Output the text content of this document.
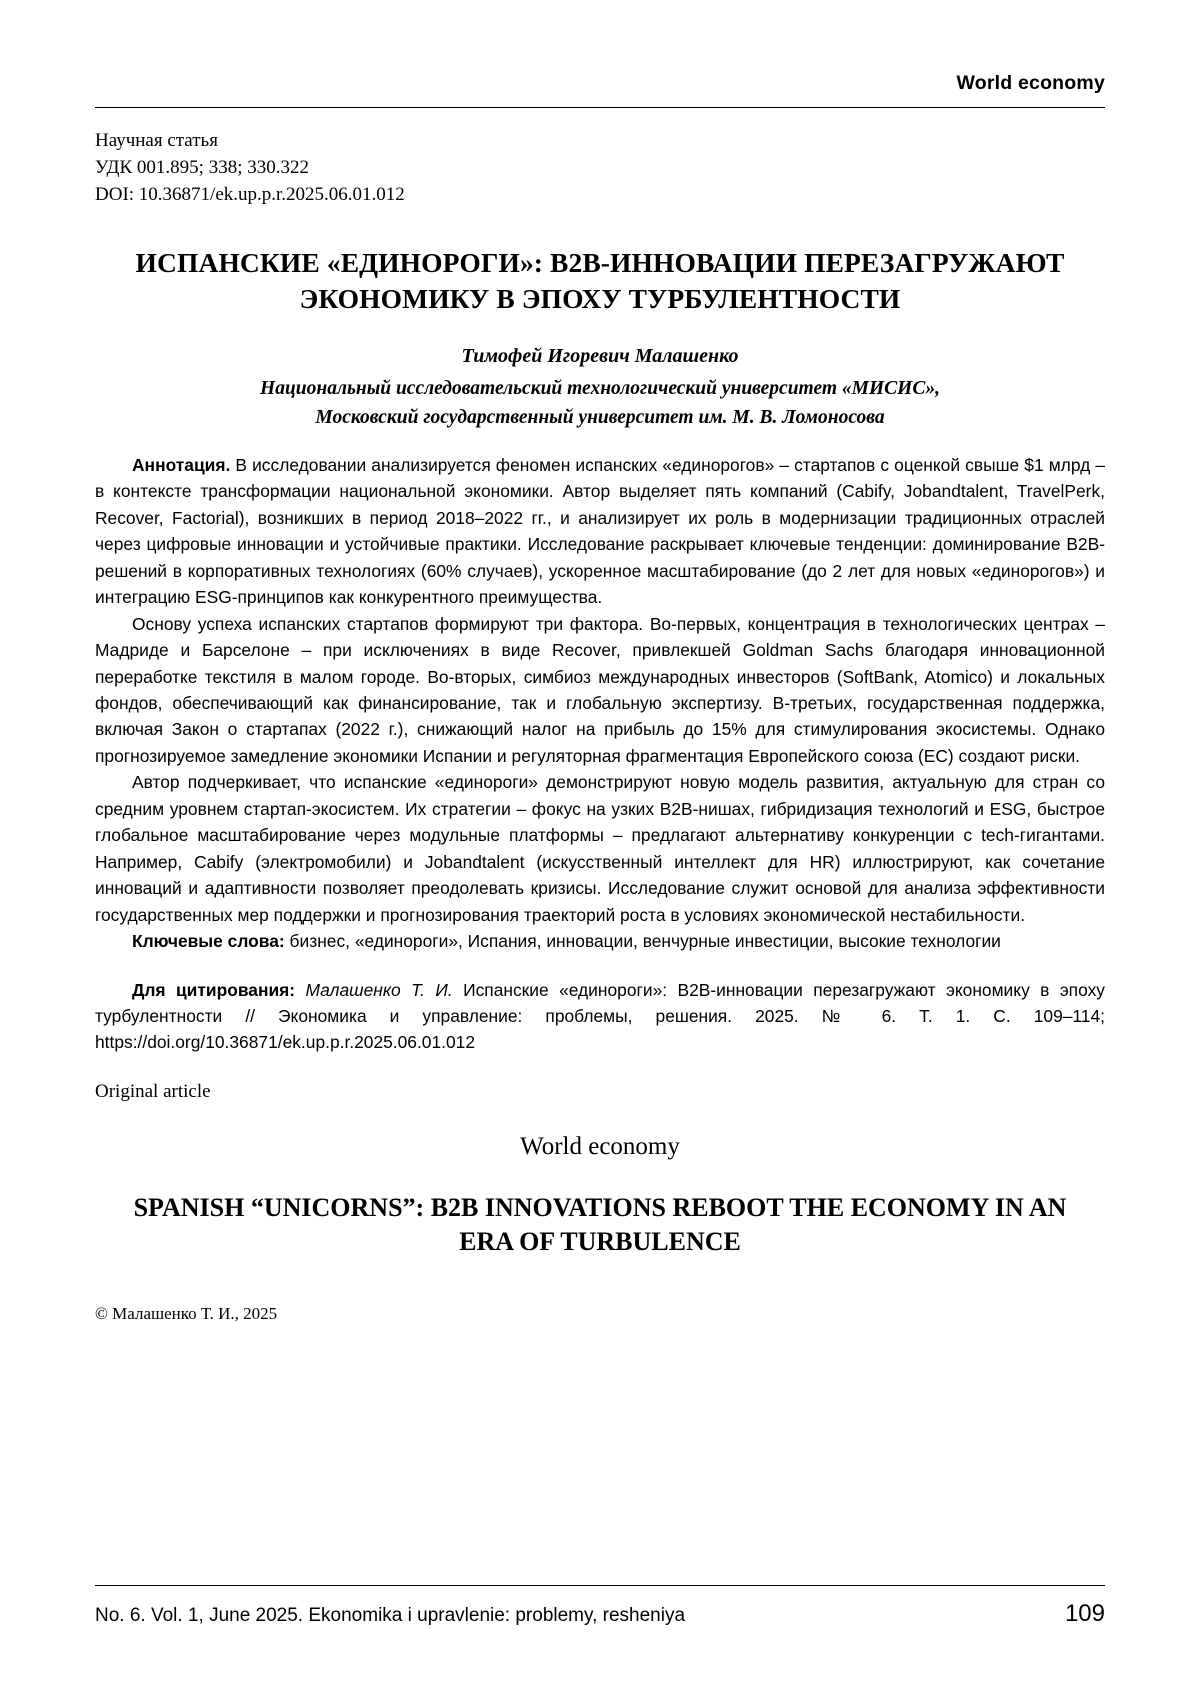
World economy
Научная статья
УДК 001.895; 338; 330.322
DOI: 10.36871/ek.up.p.r.2025.06.01.012
ИСПАНСКИЕ «ЕДИНОРОГИ»: B2B-ИННОВАЦИИ ПЕРЕЗАГРУЖАЮТ ЭКОНОМИКУ В ЭПОХУ ТУРБУЛЕНТНОСТИ
Тимофей Игоревич Малашенко
Национальный исследовательский технологический университет «МИСИС»,
Московский государственный университет им. М. В. Ломоносова

Аннотация. В исследовании анализируется феномен испанских «единорогов» – стартапов с оценкой свыше $1 млрд – в контексте трансформации национальной экономики. Автор выделяет пять компаний (Cabify, Jobandtalent, TravelPerk, Recover, Factorial), возникших в период 2018–2022 гг., и анализирует их роль в модернизации традиционных отраслей через цифровые инновации и устойчивые практики. Исследование раскрывает ключевые тенденции: доминирование B2B-решений в корпоративных технологиях (60% случаев), ускоренное масштабирование (до 2 лет для новых «единорогов») и интеграцию ESG-принципов как конкурентного преимущества.

Основу успеха испанских стартапов формируют три фактора. Во-первых, концентрация в технологических центрах – Мадриде и Барселоне – при исключениях в виде Recover, привлекшей Goldman Sachs благодаря инновационной переработке текстиля в малом городе. Во-вторых, симбиоз международных инвесторов (SoftBank, Atomico) и локальных фондов, обеспечивающий как финансирование, так и глобальную экспертизу. В-третьих, государственная поддержка, включая Закон о стартапах (2022 г.), снижающий налог на прибыль до 15% для стимулирования экосистемы. Однако прогнозируемое замедление экономики Испании и регуляторная фрагментация Европейского союза (ЕС) создают риски.

Автор подчеркивает, что испанские «единороги» демонстрируют новую модель развития, актуальную для стран со средним уровнем стартап-экосистем. Их стратегии – фокус на узких B2B-нишах, гибридизация технологий и ESG, быстрое глобальное масштабирование через модульные платформы – предлагают альтернативу конкуренции с tech-гигантами. Например, Cabify (электромобили) и Jobandtalent (искусственный интеллект для HR) иллюстрируют, как сочетание инноваций и адаптивности позволяет преодолевать кризисы. Исследование служит основой для анализа эффективности государственных мер поддержки и прогнозирования траекторий роста в условиях экономической нестабильности.

Ключевые слова: бизнес, «единороги», Испания, инновации, венчурные инвестиции, высокие технологии

Для цитирования: Малашенко Т. И. Испанские «единороги»: B2B-инновации перезагружают экономику в эпоху турбулентности // Экономика и управление: проблемы, решения. 2025. № 6. Т. 1. С. 109–114; https://doi.org/10.36871/ek.up.p.r.2025.06.01.012

Original article
World economy
SPANISH “UNICORNS”: B2B INNOVATIONS REBOOT THE ECONOMY IN AN ERA OF TURBULENCE
© Малашенко Т. И., 2025
No. 6. Vol. 1, June 2025. Ekonomika i upravlenie: problemy, resheniya	109
